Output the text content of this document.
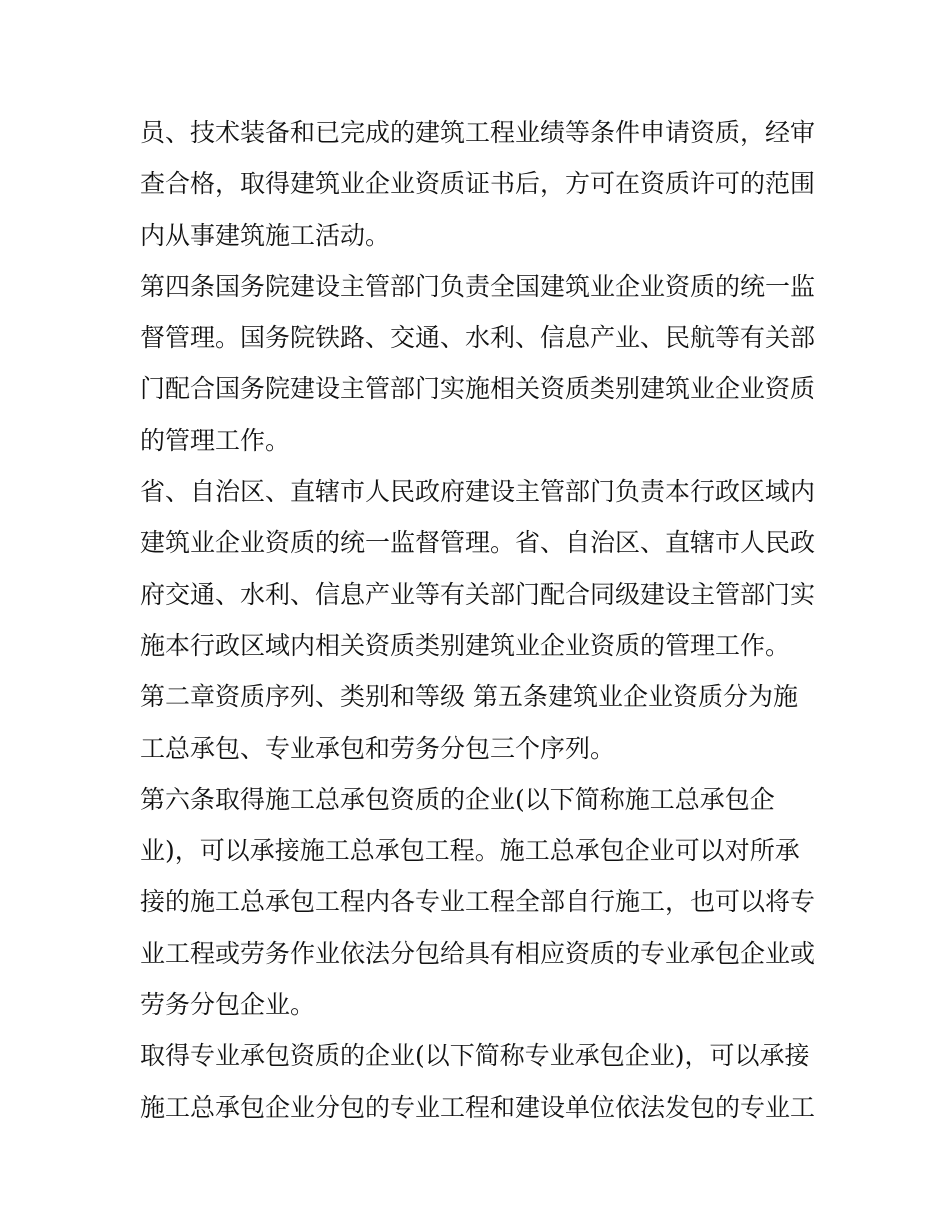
员、技术装备和已完成的建筑工程业绩等条件申请资质，经审
查合格，取得建筑业企业资质证书后，方可在资质许可的范围
内从事建筑施工活动。
第四条国务院建设主管部门负责全国建筑业企业资质的统一监
督管理。国务院铁路、交通、水利、信息产业、民航等有关部
门配合国务院建设主管部门实施相关资质类别建筑业企业资质
的管理工作。
省、自治区、直辖市人民政府建设主管部门负责本行政区域内
建筑业企业资质的统一监督管理。省、自治区、直辖市人民政
府交通、水利、信息产业等有关部门配合同级建设主管部门实
施本行政区域内相关资质类别建筑业企业资质的管理工作。
第二章资质序列、类别和等级 第五条建筑业企业资质分为施
工总承包、专业承包和劳务分包三个序列。
第六条取得施工总承包资质的企业(以下简称施工总承包企
业)，可以承接施工总承包工程。施工总承包企业可以对所承
接的施工总承包工程内各专业工程全部自行施工，也可以将专
业工程或劳务作业依法分包给具有相应资质的专业承包企业或
劳务分包企业。
取得专业承包资质的企业(以下简称专业承包企业)，可以承接
施工总承包企业分包的专业工程和建设单位依法发包的专业工
